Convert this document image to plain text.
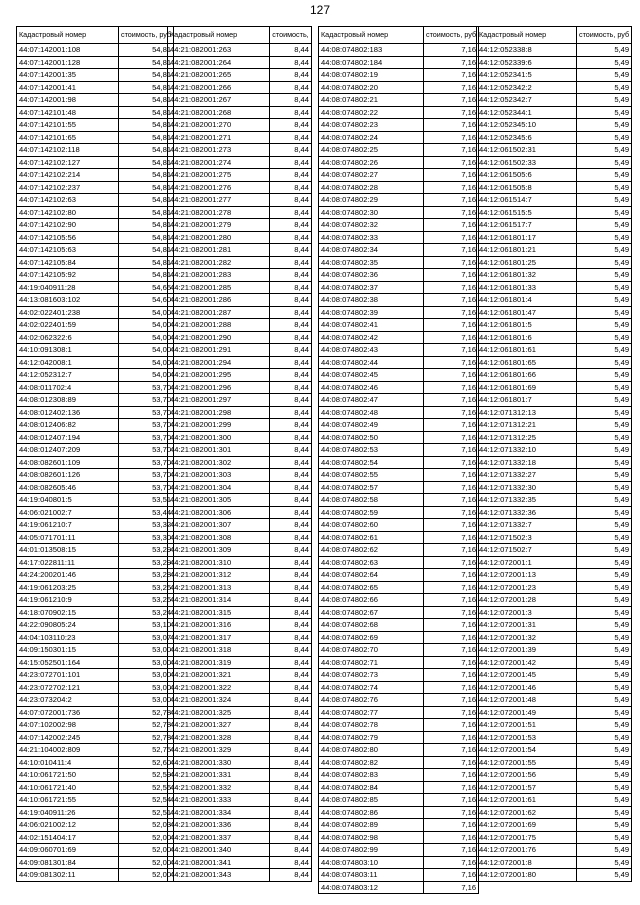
127
Кадастровый номер	стоимость, руб
44:07:142001:108	54,81
44:07:142001:128	54,81
44:07:142001:35	54,81
44:07:142001:41	54,81
44:07:142001:98	54,81
44:07:142101:48	54,81
44:07:142101:55	54,81
44:07:142101:65	54,81
44:07:142102:118	54,81
44:07:142102:127	54,81
44:07:142102:214	54,81
44:07:142102:237	54,81
44:07:142102:63	54,81
44:07:142102:80	54,81
44:07:142102:90	54,81
44:07:142105:56	54,81
44:07:142105:63	54,81
44:07:142105:84	54,81
44:07:142105:92	54,81
44:19:040911:28	54,65
44:13:081603:102	54,60
44:02:022401:238	54,00
44:02:022401:59	54,00
44:02:062322:6	54,00
44:10:091308:1	54,00
44:12:042008:1	54,00
44:12:052312:7	54,00
44:08:011702:4	53,70
44:08:012308:89	53,70
44:08:012402:136	53,70
44:08:012406:82	53,70
44:08:012407:194	53,70
44:08:012407:209	53,70
44:08:082601:109	53,70
44:08:082601:126	53,70
44:08:082605:46	53,70
44:19:040801:5	53,51
44:06:021002:7	53,44
44:19:061210:7	53,32
44:05:071701:11	53,30
44:01:013508:15	53,29
44:17:022811:11	53,29
44:24:200201:46	53,28
44:19:061203:25	53,26
44:19:061210:9	53,26
44:18:070902:15	53,24
44:22:090805:24	53,10
44:04:103110:23	53,07
44:09:150301:15	53,00
44:15:052501:164	53,00
44:23:072701:101	53,00
44:23:072702:121	53,00
44:23:073204:2	53,00
44:07:072001:736	52,78
44:07:102002:98	52,78
44:07:142002:245	52,78
44:21:104002:809	52,75
44:10:010411:4	52,60
44:10:061721:50	52,59
44:10:061721:40	52,56
44:10:061721:55	52,54
44:19:040911:26	52,51
44:06:021002:12	52,03
44:02:151404:17	52,00
44:09:060701:69	52,00
44:09:081301:84	52,00
44:09:081302:11	52,00
Кадастровый номер	стоимость,
44:21:082001:263	8,44
44:21:082001:264	8,44
44:21:082001:265	8,44
44:21:082001:266	8,44
44:21:082001:267	8,44
44:21:082001:268	8,44
44:21:082001:270	8,44
44:21:082001:271	8,44
44:21:082001:273	8,44
44:21:082001:274	8,44
44:21:082001:275	8,44
44:21:082001:276	8,44
44:21:082001:277	8,44
44:21:082001:278	8,44
44:21:082001:279	8,44
44:21:082001:280	8,44
44:21:082001:281	8,44
44:21:082001:282	8,44
44:21:082001:283	8,44
44:21:082001:285	8,44
44:21:082001:286	8,44
44:21:082001:287	8,44
44:21:082001:288	8,44
44:21:082001:290	8,44
44:21:082001:291	8,44
44:21:082001:294	8,44
44:21:082001:295	8,44
44:21:082001:296	8,44
44:21:082001:297	8,44
44:21:082001:298	8,44
44:21:082001:299	8,44
44:21:082001:300	8,44
44:21:082001:301	8,44
44:21:082001:302	8,44
44:21:082001:303	8,44
44:21:082001:304	8,44
44:21:082001:305	8,44
44:21:082001:306	8,44
44:21:082001:307	8,44
44:21:082001:308	8,44
44:21:082001:309	8,44
44:21:082001:310	8,44
44:21:082001:312	8,44
44:21:082001:313	8,44
44:21:082001:314	8,44
44:21:082001:315	8,44
44:21:082001:316	8,44
44:21:082001:317	8,44
44:21:082001:318	8,44
44:21:082001:319	8,44
44:21:082001:321	8,44
44:21:082001:322	8,44
44:21:082001:324	8,44
44:21:082001:325	8,44
44:21:082001:327	8,44
44:21:082001:328	8,44
44:21:082001:329	8,44
44:21:082001:330	8,44
44:21:082001:331	8,44
44:21:082001:332	8,44
44:21:082001:333	8,44
44:21:082001:334	8,44
44:21:082001:336	8,44
44:21:082001:337	8,44
44:21:082001:340	8,44
44:21:082001:341	8,44
44:21:082001:343	8,44
Кадастровый номер	стоимость, руб
44:08:074802:183	7,16
44:08:074802:184	7,16
44:08:074802:19	7,16
44:08:074802:20	7,16
44:08:074802:21	7,16
44:08:074802:22	7,16
44:08:074802:23	7,16
44:08:074802:24	7,16
44:08:074802:25	7,16
44:08:074802:26	7,16
44:08:074802:27	7,16
44:08:074802:28	7,16
44:08:074802:29	7,16
44:08:074802:30	7,16
44:08:074802:32	7,16
44:08:074802:33	7,16
44:08:074802:34	7,16
44:08:074802:35	7,16
44:08:074802:36	7,16
44:08:074802:37	7,16
44:08:074802:38	7,16
44:08:074802:39	7,16
44:08:074802:41	7,16
44:08:074802:42	7,16
44:08:074802:43	7,16
44:08:074802:44	7,16
44:08:074802:45	7,16
44:08:074802:46	7,16
44:08:074802:47	7,16
44:08:074802:48	7,16
44:08:074802:49	7,16
44:08:074802:50	7,16
44:08:074802:53	7,16
44:08:074802:54	7,16
44:08:074802:55	7,16
44:08:074802:57	7,16
44:08:074802:58	7,16
44:08:074802:59	7,16
44:08:074802:60	7,16
44:08:074802:61	7,16
44:08:074802:62	7,16
44:08:074802:63	7,16
44:08:074802:64	7,16
44:08:074802:65	7,16
44:08:074802:66	7,16
44:08:074802:67	7,16
44:08:074802:68	7,16
44:08:074802:69	7,16
44:08:074802:70	7,16
44:08:074802:71	7,16
44:08:074802:73	7,16
44:08:074802:74	7,16
44:08:074802:76	7,16
44:08:074802:77	7,16
44:08:074802:78	7,16
44:08:074802:79	7,16
44:08:074802:80	7,16
44:08:074802:82	7,16
44:08:074802:83	7,16
44:08:074802:84	7,16
44:08:074802:85	7,16
44:08:074802:86	7,16
44:08:074802:89	7,16
44:08:074802:98	7,16
44:08:074802:99	7,16
44:08:074803:10	7,16
44:08:074803:11	7,16
44:08:074803:12	7,16
Кадастровый номер	стоимость, руб
44:12:052338:8	5,49
44:12:052339:6	5,49
44:12:052341:5	5,49
44:12:052342:2	5,49
44:12:052342:7	5,49
44:12:052344:1	5,49
44:12:052345:10	5,49
44:12:052345:6	5,49
44:12:061502:31	5,49
44:12:061502:33	5,49
44:12:061505:6	5,49
44:12:061505:8	5,49
44:12:061514:7	5,49
44:12:061515:5	5,49
44:12:061517:7	5,49
44:12:061801:17	5,49
44:12:061801:21	5,49
44:12:061801:25	5,49
44:12:061801:32	5,49
44:12:061801:33	5,49
44:12:061801:4	5,49
44:12:061801:47	5,49
44:12:061801:5	5,49
44:12:061801:6	5,49
44:12:061801:61	5,49
44:12:061801:65	5,49
44:12:061801:66	5,49
44:12:061801:69	5,49
44:12:061801:7	5,49
44:12:071312:13	5,49
44:12:071312:21	5,49
44:12:071312:25	5,49
44:12:071332:10	5,49
44:12:071332:18	5,49
44:12:071332:27	5,49
44:12:071332:30	5,49
44:12:071332:35	5,49
44:12:071332:36	5,49
44:12:071332:7	5,49
44:12:071502:3	5,49
44:12:071502:7	5,49
44:12:072001:1	5,49
44:12:072001:13	5,49
44:12:072001:23	5,49
44:12:072001:28	5,49
44:12:072001:3	5,49
44:12:072001:31	5,49
44:12:072001:32	5,49
44:12:072001:39	5,49
44:12:072001:42	5,49
44:12:072001:45	5,49
44:12:072001:46	5,49
44:12:072001:48	5,49
44:12:072001:49	5,49
44:12:072001:51	5,49
44:12:072001:53	5,49
44:12:072001:54	5,49
44:12:072001:55	5,49
44:12:072001:56	5,49
44:12:072001:57	5,49
44:12:072001:61	5,49
44:12:072001:62	5,49
44:12:072001:69	5,49
44:12:072001:75	5,49
44:12:072001:76	5,49
44:12:072001:8	5,49
44:12:072001:80	5,49
